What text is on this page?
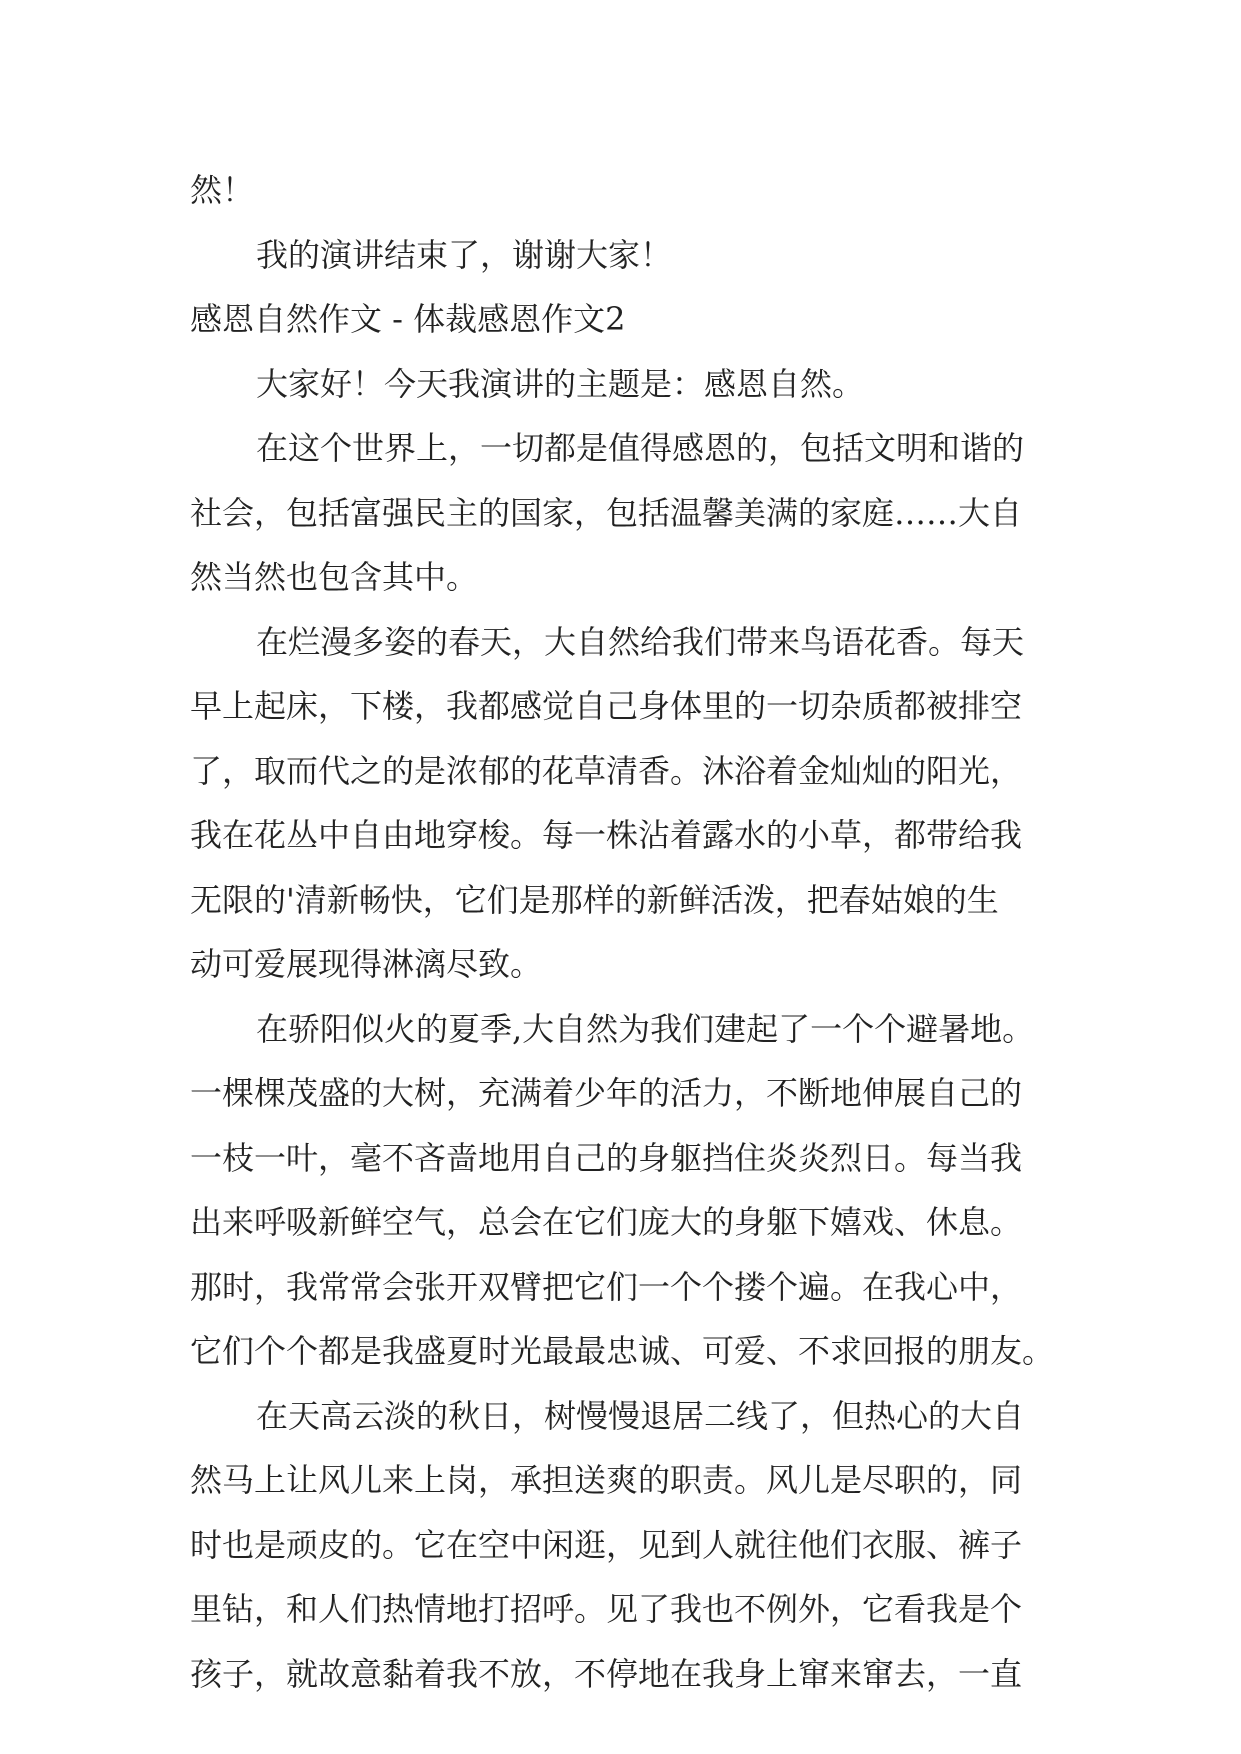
然！
我的演讲结束了，谢谢大家！
感恩自然作文 - 体裁感恩作文2
大家好！今天我演讲的主题是：感恩自然。
在这个世界上，一切都是值得感恩的，包括文明和谐的
社会，包括富强民主的国家，包括温馨美满的家庭……大自
然当然也包含其中。
在烂漫多姿的春天，大自然给我们带来鸟语花香。每天
早上起床，下楼，我都感觉自己身体里的一切杂质都被排空
了，取而代之的是浓郁的花草清香。沐浴着金灿灿的阳光，
我在花丛中自由地穿梭。每一株沾着露水的小草，都带给我
无限的'清新畅快，它们是那样的新鲜活泼，把春姑娘的生
动可爱展现得淋漓尽致。
在骄阳似火的夏季,大自然为我们建起了一个个避暑地。
一棵棵茂盛的大树，充满着少年的活力，不断地伸展自己的
一枝一叶，毫不吝啬地用自己的身躯挡住炎炎烈日。每当我
出来呼吸新鲜空气，总会在它们庞大的身躯下嬉戏、休息。
那时，我常常会张开双臂把它们一个个搂个遍。在我心中，
它们个个都是我盛夏时光最最忠诚、可爱、不求回报的朋友。
在天高云淡的秋日，树慢慢退居二线了，但热心的大自
然马上让风儿来上岗，承担送爽的职责。风儿是尽职的，同
时也是顽皮的。它在空中闲逛，见到人就往他们衣服、裤子
里钻，和人们热情地打招呼。见了我也不例外，它看我是个
孩子，就故意黏着我不放，不停地在我身上窜来窜去，一直
